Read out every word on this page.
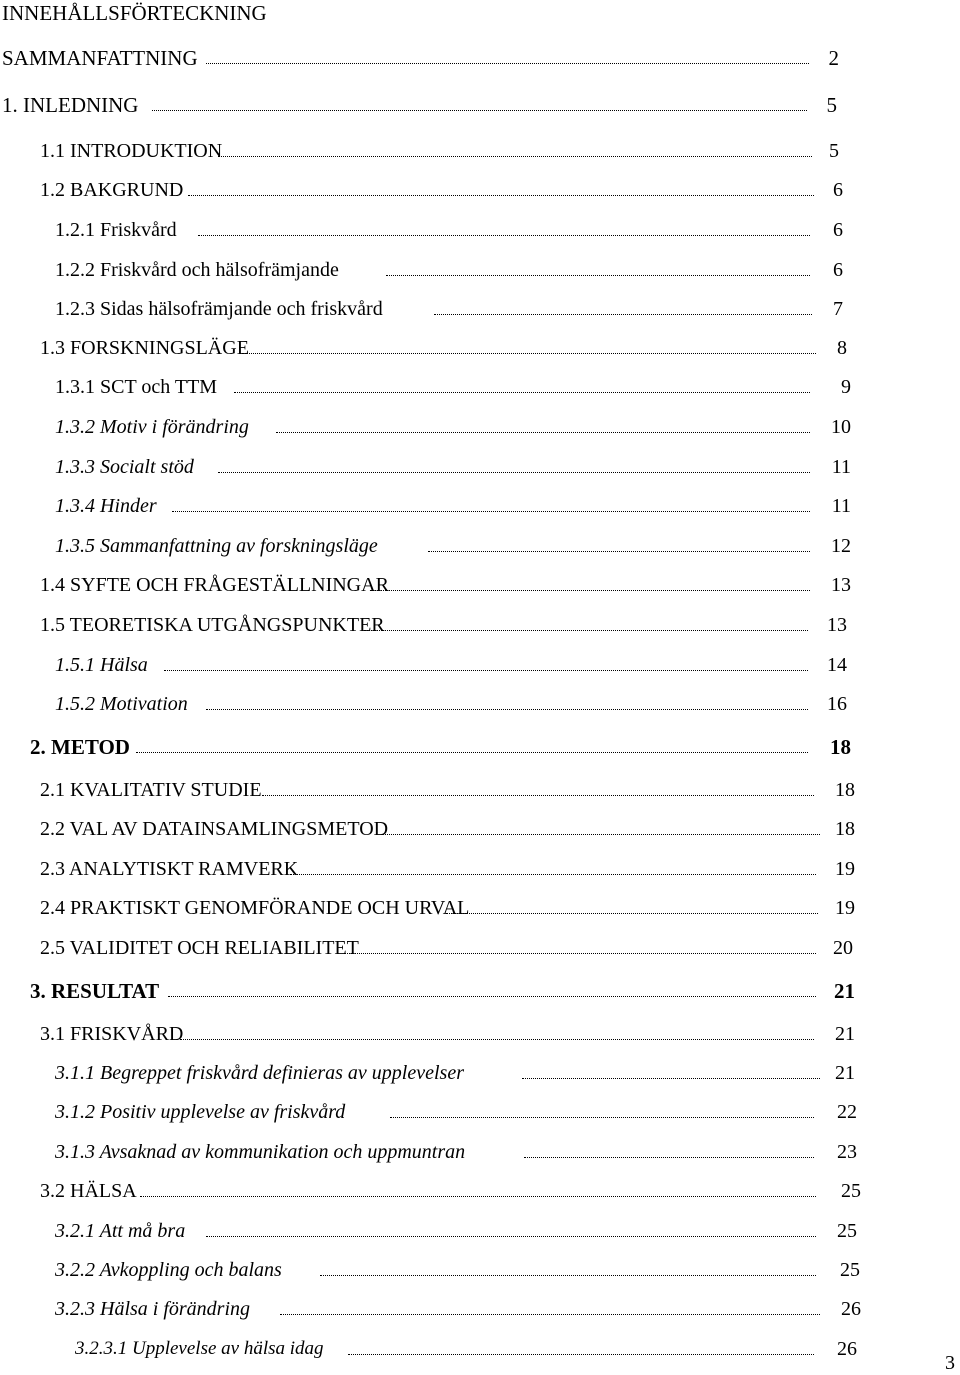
INNEHÅLLSFÖRTECKNING
SAMMANFATTNING	2
1. INLEDNING	5
1.1 INTRODUKTION	5
1.2 BAKGRUND	6
1.2.1 Friskvård	6
1.2.2 Friskvård och hälsofrämjande	6
1.2.3 Sidas hälsofrämjande och friskvård	7
1.3 FORSKNINGSLÄGE	8
1.3.1 SCT och TTM	9
1.3.2 Motiv i förändring	10
1.3.3 Socialt stöd	11
1.3.4 Hinder	11
1.3.5 Sammanfattning av forskningsläge	12
1.4 SYFTE OCH FRÅGESTÄLLNINGAR	13
1.5 TEORETISKA UTGÅNGSPUNKTER	13
1.5.1 Hälsa	14
1.5.2 Motivation	16
2. METOD	18
2.1 KVALITATIV STUDIE	18
2.2 VAL AV DATAINSAMLINGSMETOD	18
2.3 ANALYTISKT RAMVERK	19
2.4 PRAKTISKT GENOMFÖRANDE OCH URVAL	19
2.5 VALIDITET OCH RELIABILITET	20
3. RESULTAT	21
3.1 FRISKVÅRD	21
3.1.1 Begreppet friskvård definieras av upplevelser	21
3.1.2 Positiv upplevelse av friskvård	22
3.1.3 Avsaknad av kommunikation och uppmuntran	23
3.2 HÄLSA	25
3.2.1 Att må bra	25
3.2.2 Avkoppling och balans	25
3.2.3 Hälsa i förändring	26
3.2.3.1 Upplevelse av hälsa idag	26
3
